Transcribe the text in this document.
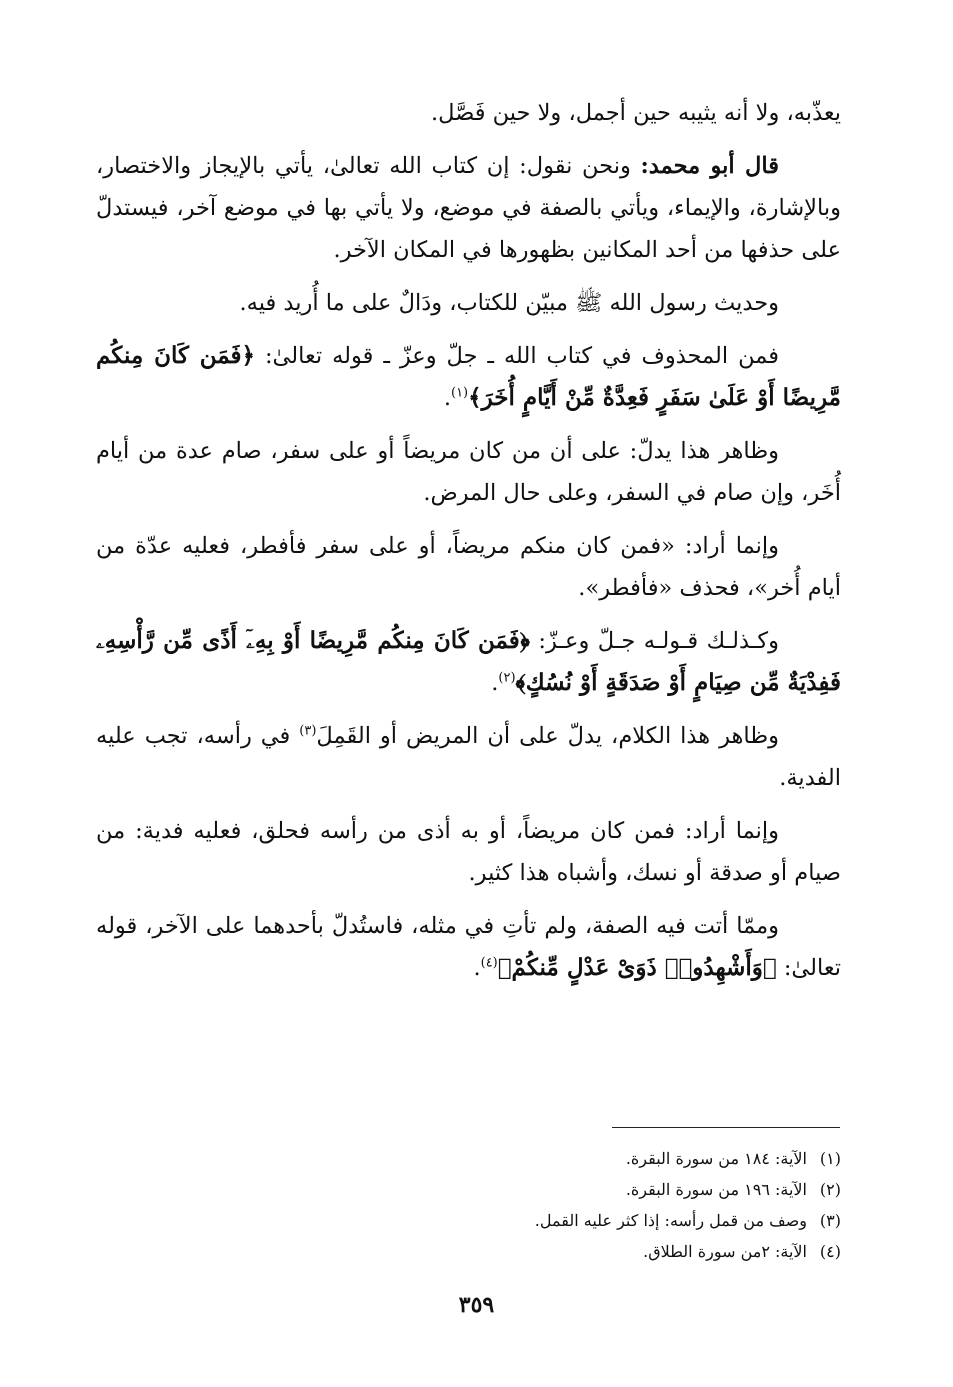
يعذّبه، ولا أنه يثيبه حين أجمل، ولا حين فَصَّل.

قال أبو محمد: ونحن نقول: إن كتاب الله تعالىٰ، يأتي بالإيجاز والاختصار، وبالإشارة، والإيماء، ويأتي بالصفة في موضع، ولا يأتي بها في موضع آخر، فيستدلّ على حذفها من أحد المكانين بظهورها في المكان الآخر.

وحديث رسول الله ﷺ مبيّن للكتاب، ودَالٌ على ما أُريد فيه.

فمن المحذوف في كتاب الله ـ جلّ وعزّ ـ قوله تعالىٰ: ﴿فَمَن كَانَ مِنكُم مَّرِيضًا أَوْ عَلَىٰ سَفَرٍ فَعِدَّةٌ مِّنْ أَيَّامٍ أُخَرَ﴾$^{(١)}$.

وظاهر هذا يدلّ: على أن من كان مريضاً أو على سفر، صام عدة من أيام أُخَر، وإن صام في السفر، وعلى حال المرض.

وإنما أراد: «فمن كان منكم مريضاً، أو على سفر فأفطر، فعليه عدّة من أيام أُخر»، فحذف «فأفطر».

وكـذلـك قـولـه جـلّ وعـزّ: ﴿فَمَن كَانَ مِنكُم مَّرِيضًا أَوْ بِهِۦٓ أَذًى مِّن رَّأْسِهِۦ فَفِدْيَةٌ مِّن صِيَامٍ أَوْ صَدَقَةٍ أَوْ نُسُكٍ﴾$^{(٢)}$.

وظاهر هذا الكلام، يدلّ على أن المريض أو القَمِلَ$^{(٣)}$ في رأسه، تجب عليه الفدية.

وإنما أراد: فمن كان مريضاً، أو به أذى من رأسه فحلق، فعليه فدية: من صيام أو صدقة أو نسك، وأشباه هذا كثير.

وممّا أتت فيه الصفة، ولم تأتِ في مثله، فاستُدلّ بأحدهما على الآخر، قوله تعالىٰ: ﴿وَأَشْهِدُوا۟ ذَوَىْ عَدْلٍ مِّنكُمْ﴾$^{(٤)}$.

(١)الآية: ١٨٤ من سورة البقرة.

(٢)الآية: ١٩٦ من سورة البقرة.

(٣)وصف من قمل رأسه: إذا كثر عليه القمل.

(٤)الآية: ٢من سورة الطلاق.

٣٥٩
